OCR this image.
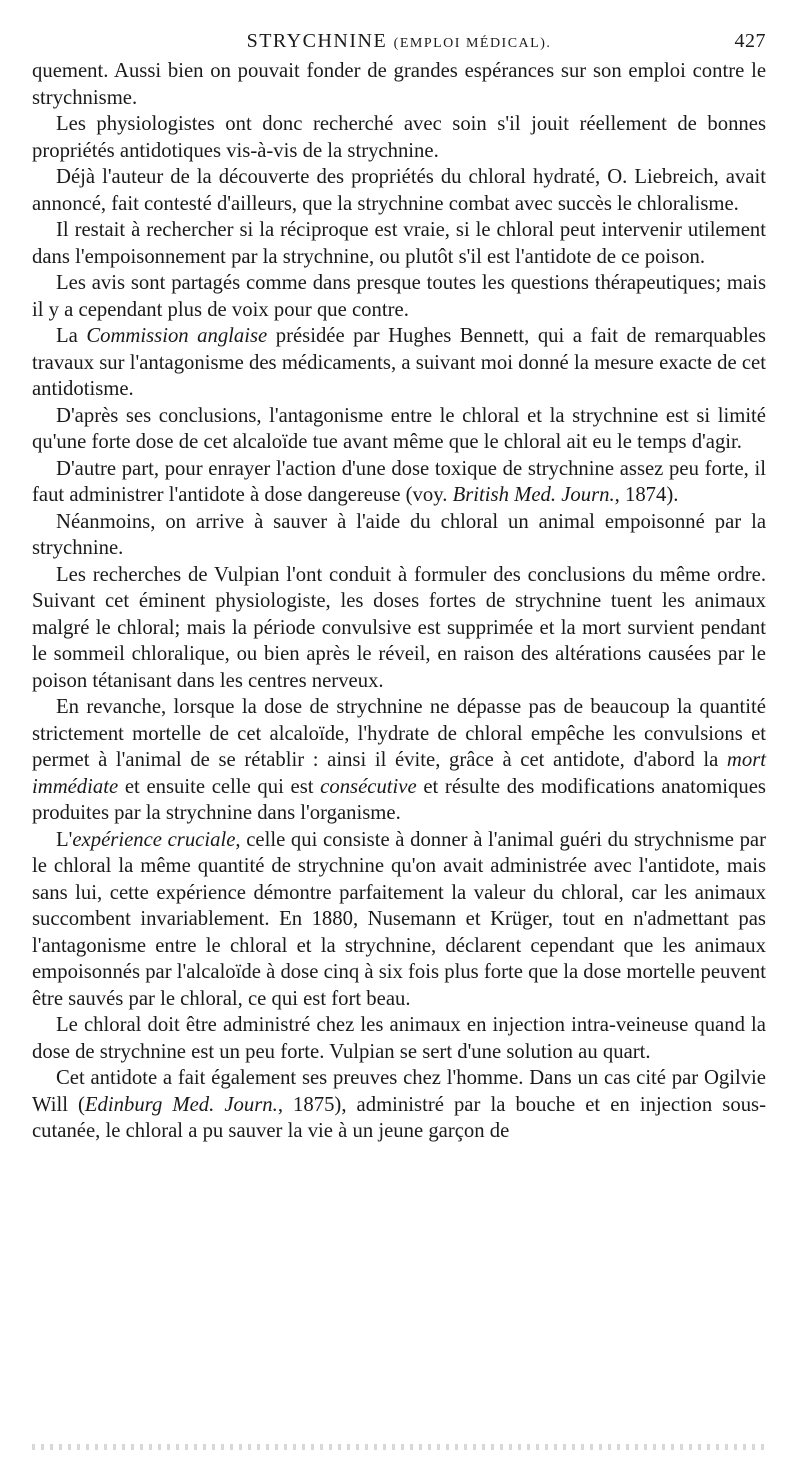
STRYCHNINE (EMPLOI MÉDICAL).	427

quement. Aussi bien on pouvait fonder de grandes espérances sur son emploi contre le strychnisme.

Les physiologistes ont donc recherché avec soin s'il jouit réellement de bonnes propriétés antidotiques vis-à-vis de la strychnine.

Déjà l'auteur de la découverte des propriétés du chloral hydraté, O. Liebreich, avait annoncé, fait contesté d'ailleurs, que la strychnine combat avec succès le chloralisme.

Il restait à rechercher si la réciproque est vraie, si le chloral peut intervenir utilement dans l'empoisonnement par la strychnine, ou plutôt s'il est l'antidote de ce poison.

Les avis sont partagés comme dans presque toutes les questions thérapeutiques; mais il y a cependant plus de voix pour que contre.

La Commission anglaise présidée par Hughes Bennett, qui a fait de remarquables travaux sur l'antagonisme des médicaments, a suivant moi donné la mesure exacte de cet antidotisme.

D'après ses conclusions, l'antagonisme entre le chloral et la strychnine est si limité qu'une forte dose de cet alcaloïde tue avant même que le chloral ait eu le temps d'agir.

D'autre part, pour enrayer l'action d'une dose toxique de strychnine assez peu forte, il faut administrer l'antidote à dose dangereuse (voy. British Med. Journ., 1874).

Néanmoins, on arrive à sauver à l'aide du chloral un animal empoisonné par la strychnine.

Les recherches de Vulpian l'ont conduit à formuler des conclusions du même ordre. Suivant cet éminent physiologiste, les doses fortes de strychnine tuent les animaux malgré le chloral; mais la période convulsive est supprimée et la mort survient pendant le sommeil chloralique, ou bien après le réveil, en raison des altérations causées par le poison tétanisant dans les centres nerveux.

En revanche, lorsque la dose de strychnine ne dépasse pas de beaucoup la quantité strictement mortelle de cet alcaloïde, l'hydrate de chloral empêche les convulsions et permet à l'animal de se rétablir : ainsi il évite, grâce à cet antidote, d'abord la mort immédiate et ensuite celle qui est consécutive et résulte des modifications anatomiques produites par la strychnine dans l'organisme.

L'expérience cruciale, celle qui consiste à donner à l'animal guéri du strychnisme par le chloral la même quantité de strychnine qu'on avait administrée avec l'antidote, mais sans lui, cette expérience démontre parfaitement la valeur du chloral, car les animaux succombent invariablement. En 1880, Nusemann et Krüger, tout en n'admettant pas l'antagonisme entre le chloral et la strychnine, déclarent cependant que les animaux empoisonnés par l'alcaloïde à dose cinq à six fois plus forte que la dose mortelle peuvent être sauvés par le chloral, ce qui est fort beau.

Le chloral doit être administré chez les animaux en injection intra-veineuse quand la dose de strychnine est un peu forte. Vulpian se sert d'une solution au quart.

Cet antidote a fait également ses preuves chez l'homme. Dans un cas cité par Ogilvie Will (Edinburg Med. Journ., 1875), administré par la bouche et en injection sous-cutanée, le chloral a pu sauver la vie à un jeune garçon de
